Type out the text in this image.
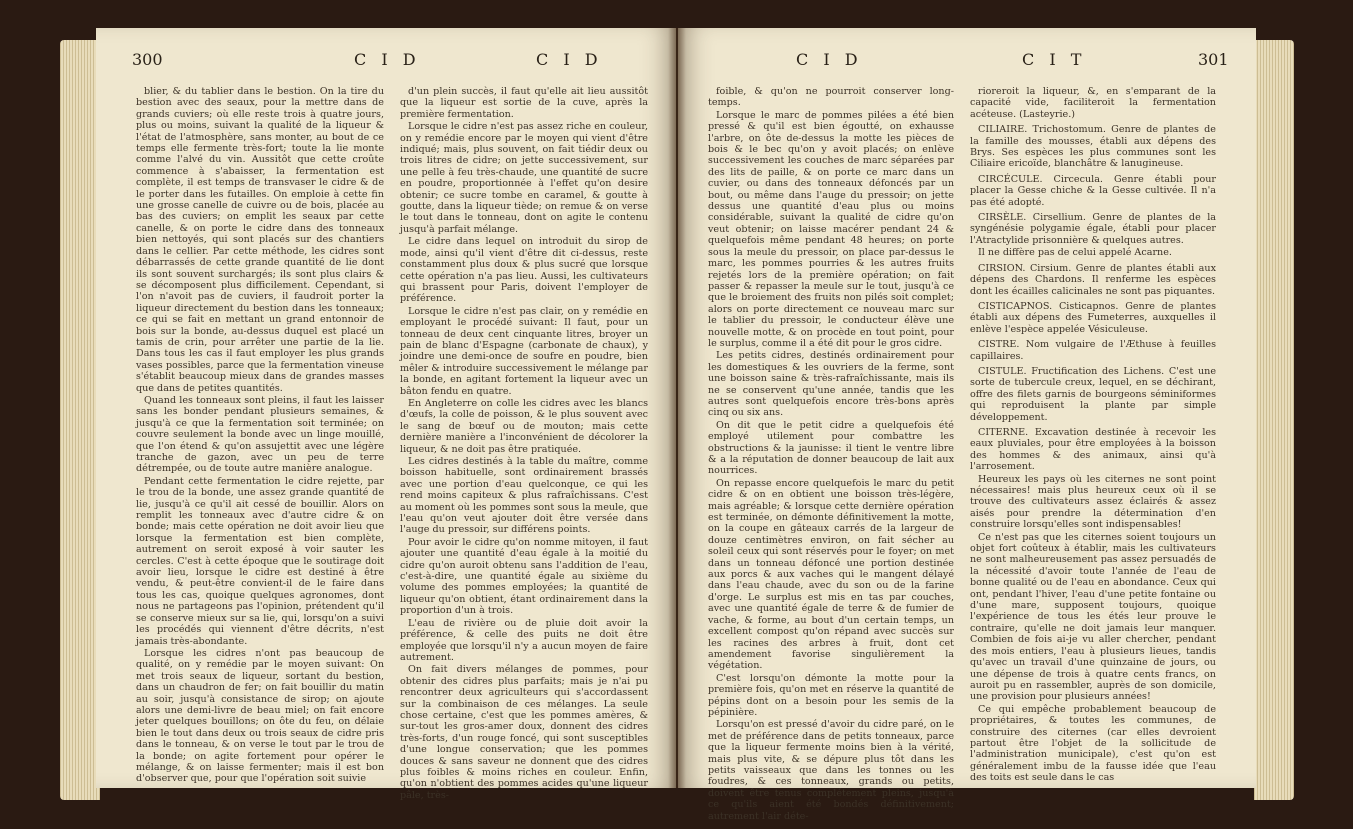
300	C I D	C I D

blier, & du tablier dans le bestion. On la tire du bestion avec des seaux, pour la mettre dans de grands cuviers; où elle reste trois à quatre jours, plus ou moins, suivant la qualité de la liqueur & l'état de l'atmosphère, sans monter, au bout de ce temps elle fermente très-fort; toute la lie monte comme l'alvé du vin. Aussitôt que cette croûte commence à s'abaisser, la fermentation est complète, il est temps de transvaser le cidre & de le porter dans les futailles. On emploie à cette fin une grosse canelle de cuivre ou de bois, placée au bas des cuviers; on emplit les seaux par cette canelle, & on porte le cidre dans des tonneaux bien nettoyés, qui sont placés sur des chantiers dans le cellier. Par cette méthode, les cidres sont débarrassés de cette grande quantité de lie dont ils sont souvent surchargés; ils sont plus clairs & se décomposent plus difficilement. Cependant, si l'on n'avoit pas de cuviers, il faudroit porter la liqueur directement du bestion dans les tonneaux; ce qui se fait en mettant un grand entonnoir de bois sur la bonde, au-dessus duquel est placé un tamis de crin, pour arrêter une partie de la lie. Dans tous les cas il faut employer les plus grands vases possibles, parce que la fermentation vineuse s'établit beaucoup mieux dans de grandes masses que dans de petites quantités.

Quand les tonneaux sont pleins, il faut les laisser sans les bonder pendant plusieurs semaines, & jusqu'à ce que la fermentation soit terminée; on couvre seulement la bonde avec un linge mouillé, que l'on étend & qu'on assujettit avec une légère tranche de gazon, avec un peu de terre détrempée, ou de toute autre manière analogue.

Pendant cette fermentation le cidre rejette, par le trou de la bonde, une assez grande quantité de lie, jusqu'à ce qu'il ait cessé de bouillir. Alors on remplit les tonneaux avec d'autre cidre & on bonde; mais cette opération ne doit avoir lieu que lorsque la fermentation est bien complète, autrement on seroit exposé à voir sauter les cercles. C'est à cette époque que le soutirage doit avoir lieu, lorsque le cidre est destiné à être vendu, & peut-être convient-il de le faire dans tous les cas, quoique quelques agronomes, dont nous ne partageons pas l'opinion, prétendent qu'il se conserve mieux sur sa lie, qui, lorsqu'on a suivi les procédés qui viennent d'être décrits, n'est jamais très-abondante.

Lorsque les cidres n'ont pas beaucoup de qualité, on y remédie par le moyen suivant: On met trois seaux de liqueur, sortant du bestion, dans un chaudron de fer; on fait bouillir du matin au soir, jusqu'à consistance de sirop; on ajoute alors une demi-livre de beau miel; on fait encore jeter quelques bouillons; on ôte du feu, on délaie bien le tout dans deux ou trois seaux de cidre pris dans le tonneau, & on verse le tout par le trou de la bonde; on agite fortement pour opérer le mélange, & on laisse fermenter; mais il est bon d'observer que, pour que l'opération soit suivie

d'un plein succès, il faut qu'elle ait lieu aussitôt que la liqueur est sortie de la cuve, après la première fermentation.

Lorsque le cidre n'est pas assez riche en couleur, on y remédie encore par le moyen qui vient d'être indiqué; mais, plus souvent, on fait tiédir deux ou trois litres de cidre; on jette successivement, sur une pelle à feu très-chaude, une quantité de sucre en poudre, proportionnée à l'effet qu'on desire obtenir; ce sucre tombe en caramel, & goutte à goutte, dans la liqueur tiède; on remue & on verse le tout dans le tonneau, dont on agite le contenu jusqu'à parfait mélange.

Le cidre dans lequel on introduit du sirop de mode, ainsi qu'il vient d'être dit ci-dessus, reste constamment plus doux & plus sucré que lorsque cette opération n'a pas lieu. Aussi, les cultivateurs qui brassent pour Paris, doivent l'employer de préférence.

Lorsque le cidre n'est pas clair, on y remédie en employant le procédé suivant: Il faut, pour un tonneau de deux cent cinquante litres, broyer un pain de blanc d'Espagne (carbonate de chaux), y joindre une demi-once de soufre en poudre, bien mêler & introduire successivement le mélange par la bonde, en agitant fortement la liqueur avec un bâton fendu en quatre.

En Angleterre on colle les cidres avec les blancs d'œufs, la colle de poisson, & le plus souvent avec le sang de bœuf ou de mouton; mais cette dernière manière a l'inconvénient de décolorer la liqueur, & ne doit pas être pratiquée.

Les cidres destinés à la table du maître, comme boisson habituelle, sont ordinairement brassés avec une portion d'eau quelconque, ce qui les rend moins capiteux & plus rafraîchissans. C'est au moment où les pommes sont sous la meule, que l'eau qu'on veut ajouter doit être versée dans l'auge du pressoir, sur différens points.

Pour avoir le cidre qu'on nomme mitoyen, il faut ajouter une quantité d'eau égale à la moitié du cidre qu'on auroit obtenu sans l'addition de l'eau, c'est-à-dire, une quantité égale au sixième du volume des pommes employées; la quantité de liqueur qu'on obtient, étant ordinairement dans la proportion d'un à trois.

L'eau de rivière ou de pluie doit avoir la préférence, & celle des puits ne doit être employée que lorsqu'il n'y a aucun moyen de faire autrement.

On fait divers mélanges de pommes, pour obtenir des cidres plus parfaits; mais je n'ai pu rencontrer deux agriculteurs qui s'accordassent sur la combinaison de ces mélanges. La seule chose certaine, c'est que les pommes amères, & sur-tout les gros-amer doux, donnent des cidres très-forts, d'un rouge foncé, qui sont susceptibles d'une longue conservation; que les pommes douces & sans saveur ne donnent que des cidres plus foibles & moins riches en couleur. Enfin, qu'on n'obtient des pommes acides qu'une liqueur pâle, très-

C I D	C I T	301

foible, & qu'on ne pourroit conserver long-temps.

Lorsque le marc de pommes pilées a été bien pressé & qu'il est bien égoutté, on exhausse l'arbre, on ôte de-dessus la motte les pièces de bois & le bec qu'on y avoit placés; on enlève successivement les couches de marc séparées par des lits de paille, & on porte ce marc dans un cuvier, ou dans des tonneaux défoncés par un bout, ou même dans l'auge du pressoir; on jette dessus une quantité d'eau plus ou moins considérable, suivant la qualité de cidre qu'on veut obtenir; on laisse macérer pendant 24 & quelquefois même pendant 48 heures; on porte sous la meule du pressoir, on place par-dessus le marc, les pommes pourries & les autres fruits rejetés lors de la première opération; on fait passer & repasser la meule sur le tout, jusqu'à ce que le broiement des fruits non pilés soit complet; alors on porte directement ce nouveau marc sur le tablier du pressoir, le conducteur élève une nouvelle motte, & on procède en tout point, pour le surplus, comme il a été dit pour le gros cidre.

Les petits cidres, destinés ordinairement pour les domestiques & les ouvriers de la ferme, sont une boisson saine & très-rafraîchissante, mais ils ne se conservent qu'une année, tandis que les autres sont quelquefois encore très-bons après cinq ou six ans.

On dit que le petit cidre a quelquefois été employé utilement pour combattre les obstructions & la jaunisse: il tient le ventre libre & a la réputation de donner beaucoup de lait aux nourrices.

On repasse encore quelquefois le marc du petit cidre & on en obtient une boisson très-légère, mais agréable; & lorsque cette dernière opération est terminée, on démonte définitivement la motte, on la coupe en gâteaux carrés de la largeur de douze centimètres environ, on fait sécher au soleil ceux qui sont réservés pour le foyer; on met dans un tonneau défoncé une portion destinée aux porcs & aux vaches qui le mangent délayé dans l'eau chaude, avec du son ou de la farine d'orge. Le surplus est mis en tas par couches, avec une quantité égale de terre & de fumier de vache, & forme, au bout d'un certain temps, un excellent compost qu'on répand avec succès sur les racines des arbres à fruit, dont cet amendement favorise singulièrement la végétation.

C'est lorsqu'on démonte la motte pour la première fois, qu'on met en réserve la quantité de pépins dont on a besoin pour les semis de la pépinière.

Lorsqu'on est pressé d'avoir du cidre paré, on le met de préférence dans de petits tonneaux, parce que la liqueur fermente moins bien à la vérité, mais plus vite, & se dépure plus tôt dans les petits vaisseaux que dans les tonnes ou les foudres, & ces tonneaux, grands ou petits, doivent être tenus complétement pleins, jusqu'à ce qu'ils aient été bondés définitivement; autrement l'air déte-

rioreroit la liqueur, &, en s'emparant de la capacité vide, faciliteroit la fermentation acéteuse. (Lasteyrie.)

CILIAIRE. Trichostomum. Genre de plantes de la famille des mousses, établi aux dépens des Brys. Ses espèces les plus communes sont les Ciliaire ericoïde, blanchâtre & lanugineuse.

CIRCÉCULE. Circecula. Genre établi pour placer la Gesse chiche & la Gesse cultivée. Il n'a pas été adopté.

CIRSÈLE. Cirsellium. Genre de plantes de la syngénésie polygamie égale, établi pour placer l'Atractylide prisonnière & quelques autres.

Il ne diffère pas de celui appelé Acarne.

CIRSION. Cirsium. Genre de plantes établi aux dépens des Chardons. Il renferme les espèces dont les écailles calicinales ne sont pas piquantes.

CISTICAPNOS. Cisticapnos. Genre de plantes établi aux dépens des Fumeterres, auxquelles il enlève l'espèce appelée Vésiculeuse.

CISTRE. Nom vulgaire de l'Æthuse à feuilles capillaires.

CISTULE. Fructification des Lichens. C'est une sorte de tubercule creux, lequel, en se déchirant, offre des filets garnis de bourgeons séminiformes qui reproduisent la plante par simple développement.

CITERNE. Excavation destinée à recevoir les eaux pluviales, pour être employées à la boisson des hommes & des animaux, ainsi qu'à l'arrosement.

Heureux les pays où les citernes ne sont point nécessaires! mais plus heureux ceux où il se trouve des cultivateurs assez éclairés & assez aisés pour prendre la détermination d'en construire lorsqu'elles sont indispensables!

Ce n'est pas que les citernes soient toujours un objet fort coûteux à établir, mais les cultivateurs ne sont malheureusement pas assez persuadés de la nécessité d'avoir toute l'année de l'eau de bonne qualité ou de l'eau en abondance. Ceux qui ont, pendant l'hiver, l'eau d'une petite fontaine ou d'une mare, supposent toujours, quoique l'expérience de tous les étés leur prouve le contraire, qu'elle ne doit jamais leur manquer. Combien de fois ai-je vu aller chercher, pendant des mois entiers, l'eau à plusieurs lieues, tandis qu'avec un travail d'une quinzaine de jours, ou une dépense de trois à quatre cents francs, on auroit pu en rassembler, auprès de son domicile, une provision pour plusieurs années!

Ce qui empêche probablement beaucoup de propriétaires, & toutes les communes, de construire des citernes (car elles devroient partout être l'objet de la sollicitude de l'administration municipale), c'est qu'on est généralement imbu de la fausse idée que l'eau des toits est seule dans le cas
